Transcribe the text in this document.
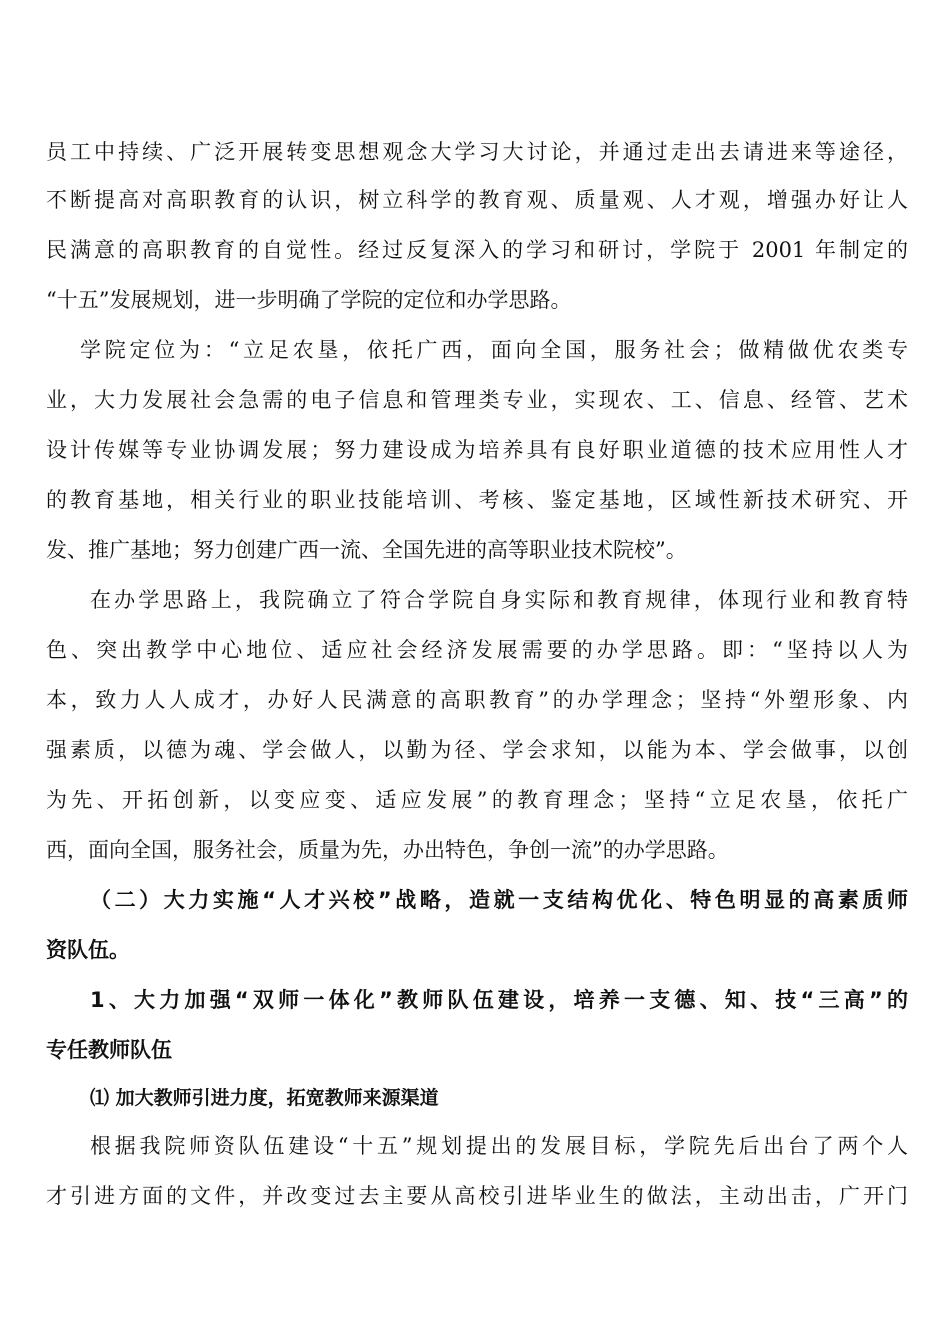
员工中持续、广泛开展转变思想观念大学习大讨论，并通过走出去请进来等途径，
不断提高对高职教育的认识，树立科学的教育观、质量观、人才观，增强办好让人
民满意的高职教育的自觉性。经过反复深入的学习和研讨，学院于 2001 年制定的
“十五”发展规划，进一步明确了学院的定位和办学思路。
学院定位为：“立足农垦，依托广西，面向全国，服务社会；做精做优农类专
业，大力发展社会急需的电子信息和管理类专业，实现农、工、信息、经管、艺术
设计传媒等专业协调发展；努力建设成为培养具有良好职业道德的技术应用性人才
的教育基地，相关行业的职业技能培训、考核、鉴定基地，区域性新技术研究、开
发、推广基地；努力创建广西一流、全国先进的高等职业技术院校”。
在办学思路上，我院确立了符合学院自身实际和教育规律，体现行业和教育特
色、突出教学中心地位、适应社会经济发展需要的办学思路。即：“坚持以人为
本，致力人人成才，办好人民满意的高职教育”的办学理念；坚持“外塑形象、内
强素质，以德为魂、学会做人，以勤为径、学会求知，以能为本、学会做事，以创
为先、开拓创新，以变应变、适应发展”的教育理念；坚持“立足农垦，依托广
西，面向全国，服务社会，质量为先，办出特色，争创一流”的办学思路。
（二）大力实施“人才兴校”战略，造就一支结构优化、特色明显的高素质师
资队伍。
1、大力加强“双师一体化”教师队伍建设，培养一支德、知、技“三高”的
专任教师队伍
⑴ 加大教师引进力度，拓宽教师来源渠道
根据我院师资队伍建设“十五”规划提出的发展目标，学院先后出台了两个人
才引进方面的文件，并改变过去主要从高校引进毕业生的做法，主动出击，广开门
